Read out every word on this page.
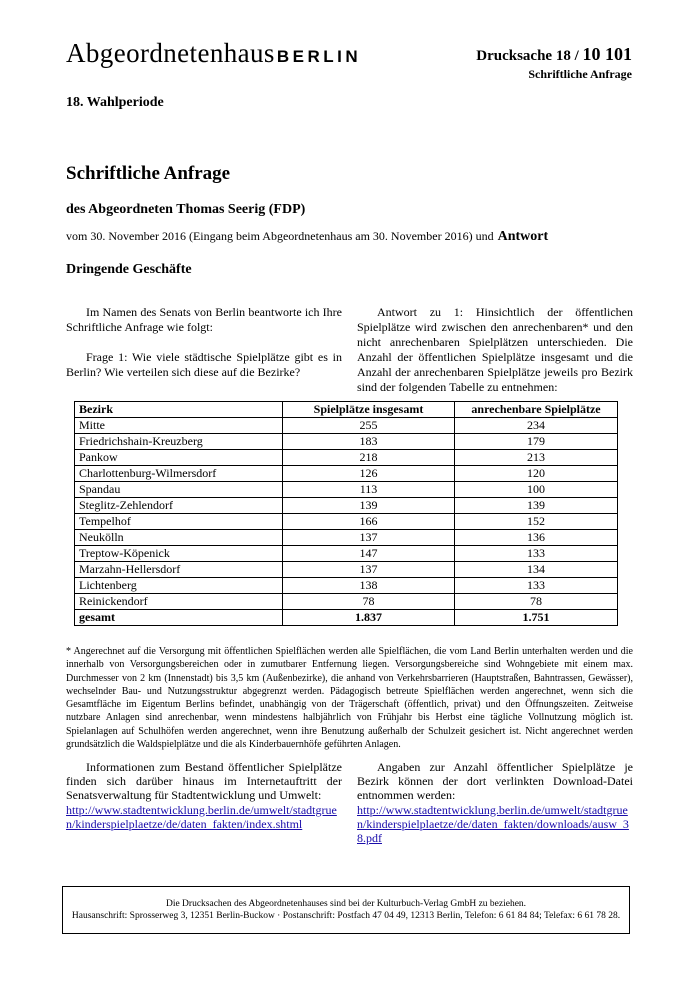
Abgeordnetenhaus BERLIN	Drucksache 18 / 10 101
Schriftliche Anfrage
18. Wahlperiode
Schriftliche Anfrage
des Abgeordneten Thomas Seerig (FDP)
vom 30. November 2016 (Eingang beim Abgeordnetenhaus am 30. November 2016) und Antwort
Dringende Geschäfte

Im Namen des Senats von Berlin beantworte ich Ihre Schriftliche Anfrage wie folgt:

Frage 1: Wie viele städtische Spielplätze gibt es in Berlin? Wie verteilen sich diese auf die Bezirke?

Antwort zu 1: Hinsichtlich der öffentlichen Spielplätze wird zwischen den anrechenbaren* und den nicht anrechenbaren Spielplätzen unterschieden. Die Anzahl der öffentlichen Spielplätze insgesamt und die Anzahl der anrechenbaren Spielplätze jeweils pro Bezirk sind der folgenden Tabelle zu entnehmen:

Bezirk	Spielplätze insgesamt	anrechenbare Spielplätze
Mitte	255	234
Friedrichshain-Kreuzberg	183	179
Pankow	218	213
Charlottenburg-Wilmersdorf	126	120
Spandau	113	100
Steglitz-Zehlendorf	139	139
Tempelhof	166	152
Neukölln	137	136
Treptow-Köpenick	147	133
Marzahn-Hellersdorf	137	134
Lichtenberg	138	133
Reinickendorf	78	78
gesamt	1.837	1.751
* Angerechnet auf die Versorgung mit öffentlichen Spielflächen werden alle Spielflächen, die vom Land Berlin unterhalten werden und die innerhalb von Versorgungsbereichen oder in zumutbarer Entfernung liegen. Versorgungsbereiche sind Wohngebiete mit einem max. Durchmesser von 2 km (Innenstadt) bis 3,5 km (Außenbezirke), die anhand von Verkehrsbarrieren (Hauptstraßen, Bahntrassen, Gewässer), wechselnder Bau- und Nutzungsstruktur abgegrenzt werden. Pädagogisch betreute Spielflächen werden angerechnet, wenn sich die Gesamtfläche im Eigentum Berlins befindet, unabhängig von der Trägerschaft (öffentlich, privat) und den Öffnungszeiten. Zeitweise nutzbare Anlagen sind anrechenbar, wenn mindestens halbjährlich von Frühjahr bis Herbst eine tägliche Vollnutzung möglich ist. Spielanlagen auf Schulhöfen werden angerechnet, wenn ihre Benutzung außerhalb der Schulzeit gesichert ist. Nicht angerechnet werden grundsätzlich die Waldspielplätze und die als Kinderbauernhöfe geführten Anlagen.

Informationen zum Bestand öffentlicher Spielplätze finden sich darüber hinaus im Internetauftritt der Senatsverwaltung für Stadtentwicklung und Umwelt:

http://www.stadtentwicklung.berlin.de/umwelt/stadtgruen/kinderspielplaetze/de/daten_fakten/index.shtml

Angaben zur Anzahl öffentlicher Spielplätze je Bezirk können der dort verlinkten Download-Datei entnommen werden:

http://www.stadtentwicklung.berlin.de/umwelt/stadtgruen/kinderspielplaetze/de/daten_fakten/downloads/ausw_38.pdf
Die Drucksachen des Abgeordnetenhauses sind bei der Kulturbuch-Verlag GmbH zu beziehen.
Hausanschrift: Sprosserweg 3, 12351 Berlin-Buckow · Postanschrift: Postfach 47 04 49, 12313 Berlin, Telefon: 6 61 84 84; Telefax: 6 61 78 28.
